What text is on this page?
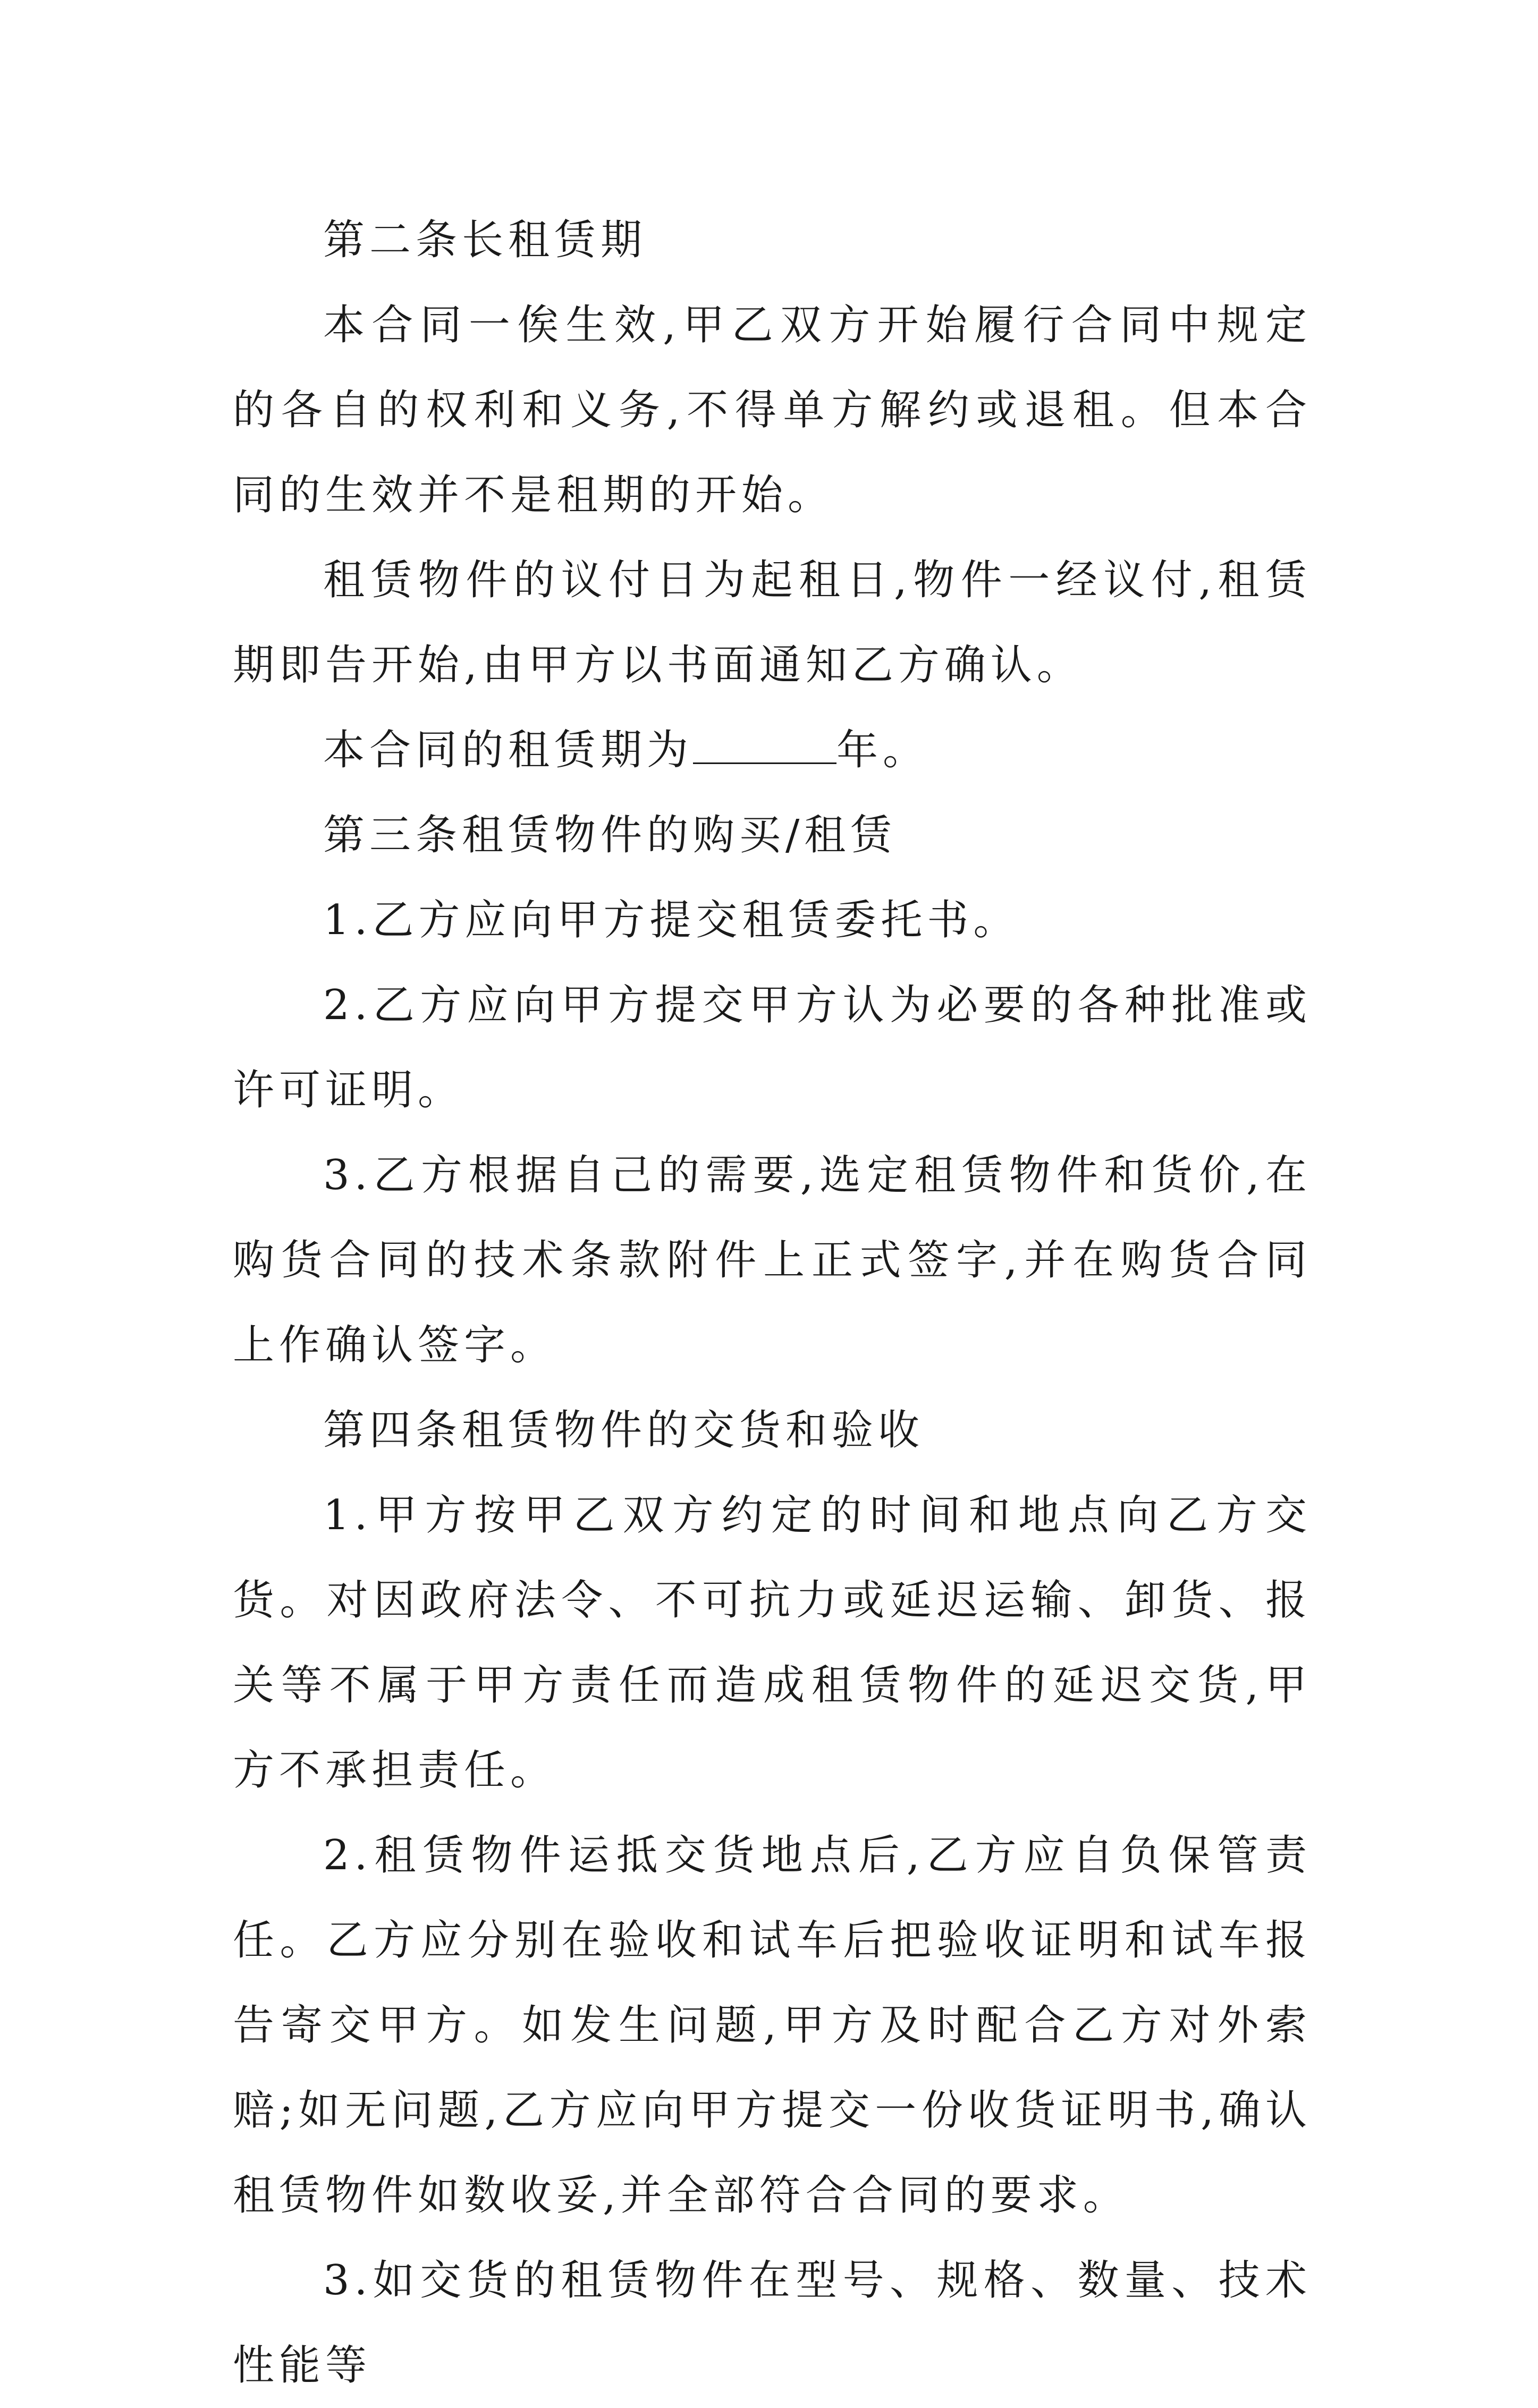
第二条长租赁期

本合同一俟生效,甲乙双方开始履行合同中规定的各自的权利和义务,不得单方解约或退租。但本合同的生效并不是租期的开始。

租赁物件的议付日为起租日,物件一经议付,租赁期即告开始,由甲方以书面通知乙方确认。

本合同的租赁期为	年。

第三条租赁物件的购买/租赁

1.乙方应向甲方提交租赁委托书。

2.乙方应向甲方提交甲方认为必要的各种批准或许可证明。

3.乙方根据自己的需要,选定租赁物件和货价,在购货合同的技术条款附件上正式签字,并在购货合同上作确认签字。

第四条租赁物件的交货和验收

1.甲方按甲乙双方约定的时间和地点向乙方交货。对因政府法令、不可抗力或延迟运输、卸货、报关等不属于甲方责任而造成租赁物件的延迟交货,甲方不承担责任。

2.租赁物件运抵交货地点后,乙方应自负保管责任。乙方应分别在验收和试车后把验收证明和试车报告寄交甲方。如发生问题,甲方及时配合乙方对外索赔;如无问题,乙方应向甲方提交一份收货证明书,确认租赁物件如数收妥,并全部符合合同的要求。

3.如交货的租赁物件在型号、规格、数量、技术性能等
